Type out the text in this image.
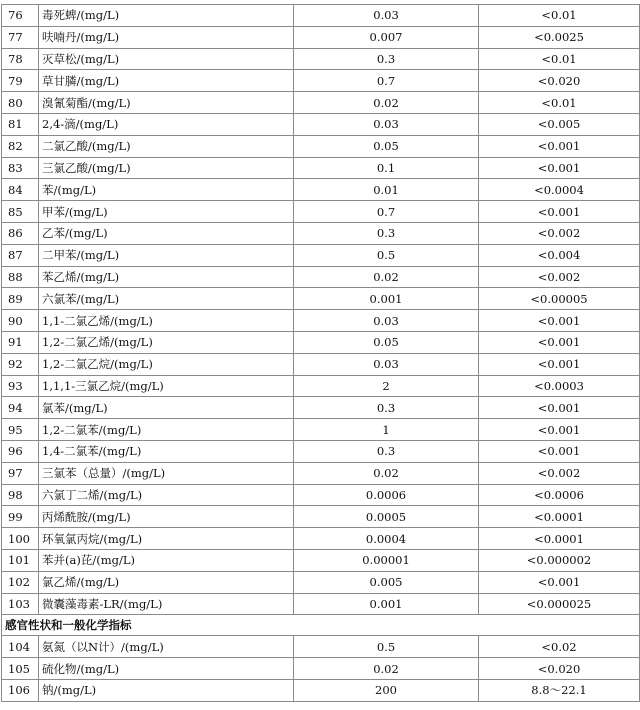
76	毒死蜱/(mg/L)	0.03	<0.01
77	呋喃丹/(mg/L)	0.007	<0.0025
78	灭草松/(mg/L)	0.3	<0.01
79	草甘膦/(mg/L)	0.7	<0.020
80	溴氰菊酯/(mg/L)	0.02	<0.01
81	2,4-滴/(mg/L)	0.03	<0.005
82	二氯乙酸/(mg/L)	0.05	<0.001
83	三氯乙酸/(mg/L)	0.1	<0.001
84	苯/(mg/L)	0.01	<0.0004
85	甲苯/(mg/L)	0.7	<0.001
86	乙苯/(mg/L)	0.3	<0.002
87	二甲苯/(mg/L)	0.5	<0.004
88	苯乙烯/(mg/L)	0.02	<0.002
89	六氯苯/(mg/L)	0.001	<0.00005
90	1,1-二氯乙烯/(mg/L)	0.03	<0.001
91	1,2-二氯乙烯/(mg/L)	0.05	<0.001
92	1,2-二氯乙烷/(mg/L)	0.03	<0.001
93	1,1,1-三氯乙烷/(mg/L)	2	<0.0003
94	氯苯/(mg/L)	0.3	<0.001
95	1,2-二氯苯/(mg/L)	1	<0.001
96	1,4-二氯苯/(mg/L)	0.3	<0.001
97	三氯苯（总量）/(mg/L)	0.02	<0.002
98	六氯丁二烯/(mg/L)	0.0006	<0.0006
99	丙烯酰胺/(mg/L)	0.0005	<0.0001
100	环氧氯丙烷/(mg/L)	0.0004	<0.0001
101	苯并(a)芘/(mg/L)	0.00001	<0.000002
102	氯乙烯/(mg/L)	0.005	<0.001
103	微囊藻毒素-LR/(mg/L)	0.001	<0.000025
感官性状和一般化学指标			
104	氨氮（以N计）/(mg/L)	0.5	<0.02
105	硫化物/(mg/L)	0.02	<0.020
106	钠/(mg/L)	200	8.8～22.1
